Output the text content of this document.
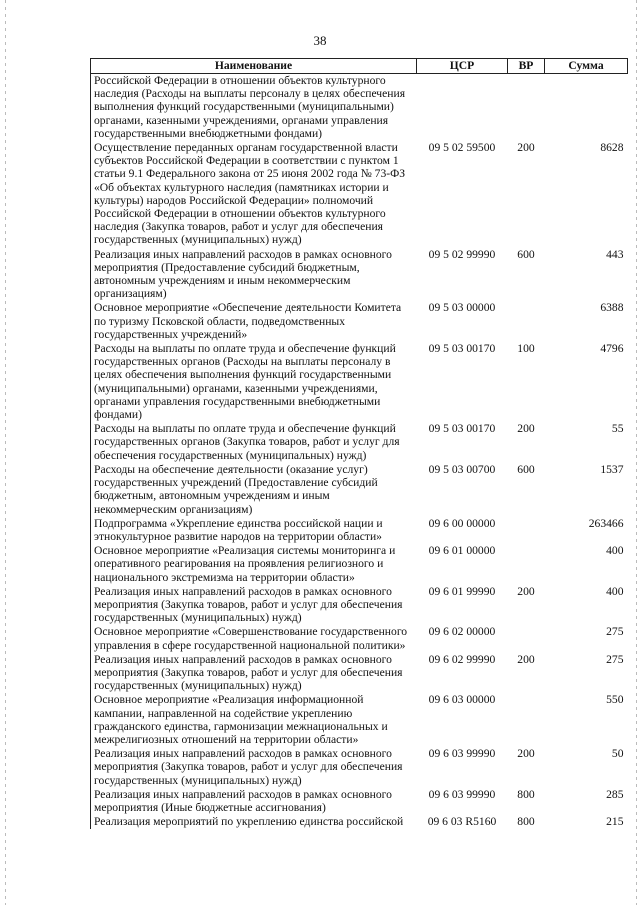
38
Наименование	ЦСР	ВР	Сумма
Российской Федерации в отношении объектов культурного наследия (Расходы на выплаты персоналу в целях обеспечения выполнения функций государственными (муниципальными) органами, казенными учреждениями, органами управления государственными внебюджетными фондами)			
Осуществление переданных органам государственной власти субъектов Российской Федерации в соответствии с пунктом 1 статьи 9.1 Федерального закона от 25 июня 2002 года № 73-ФЗ «Об объектах культурного наследия (памятниках истории и культуры) народов Российской Федерации» полномочий Российской Федерации в отношении объектов культурного наследия (Закупка товаров, работ и услуг для обеспечения государственных (муниципальных) нужд)	09 5 02 59500	200	8628
Реализация иных направлений расходов в рамках основного мероприятия (Предоставление субсидий бюджетным, автономным учреждениям и иным некоммерческим организациям)	09 5 02 99990	600	443
Основное мероприятие «Обеспечение деятельности Комитета по туризму Псковской области, подведомственных государственных учреждений»	09 5 03 00000		6388
Расходы на выплаты по оплате труда и обеспечение функций государственных органов (Расходы на выплаты персоналу в целях обеспечения выполнения функций государственными (муниципальными) органами, казенными учреждениями, органами управления государственными внебюджетными фондами)	09 5 03 00170	100	4796
Расходы на выплаты по оплате труда и обеспечение функций государственных органов (Закупка товаров, работ и услуг для обеспечения государственных (муниципальных) нужд)	09 5 03 00170	200	55
Расходы на обеспечение деятельности (оказание услуг) государственных учреждений (Предоставление субсидий бюджетным, автономным учреждениям и иным некоммерческим организациям)	09 5 03 00700	600	1537
Подпрограмма «Укрепление единства российской нации и этнокультурное развитие народов на территории области»	09 6 00 00000		263466
Основное мероприятие «Реализация системы мониторинга и оперативного реагирования на проявления религиозного и национального экстремизма на территории области»	09 6 01 00000		400
Реализация иных направлений расходов в рамках основного мероприятия (Закупка товаров, работ и услуг для обеспечения государственных (муниципальных) нужд)	09 6 01 99990	200	400
Основное мероприятие «Совершенствование государственного управления в сфере государственной национальной политики»	09 6 02 00000		275
Реализация иных направлений расходов в рамках основного мероприятия (Закупка товаров, работ и услуг для обеспечения государственных (муниципальных) нужд)	09 6 02 99990	200	275
Основное мероприятие «Реализация информационной кампании, направленной на содействие укреплению гражданского единства, гармонизации межнациональных и межрелигиозных отношений на территории области»	09 6 03 00000		550
Реализация иных направлений расходов в рамках основного мероприятия (Закупка товаров, работ и услуг для обеспечения государственных (муниципальных) нужд)	09 6 03 99990	200	50
Реализация иных направлений расходов в рамках основного мероприятия (Иные бюджетные ассигнования)	09 6 03 99990	800	285
Реализация мероприятий по укреплению единства российской	09 6 03 R5160	800	215
